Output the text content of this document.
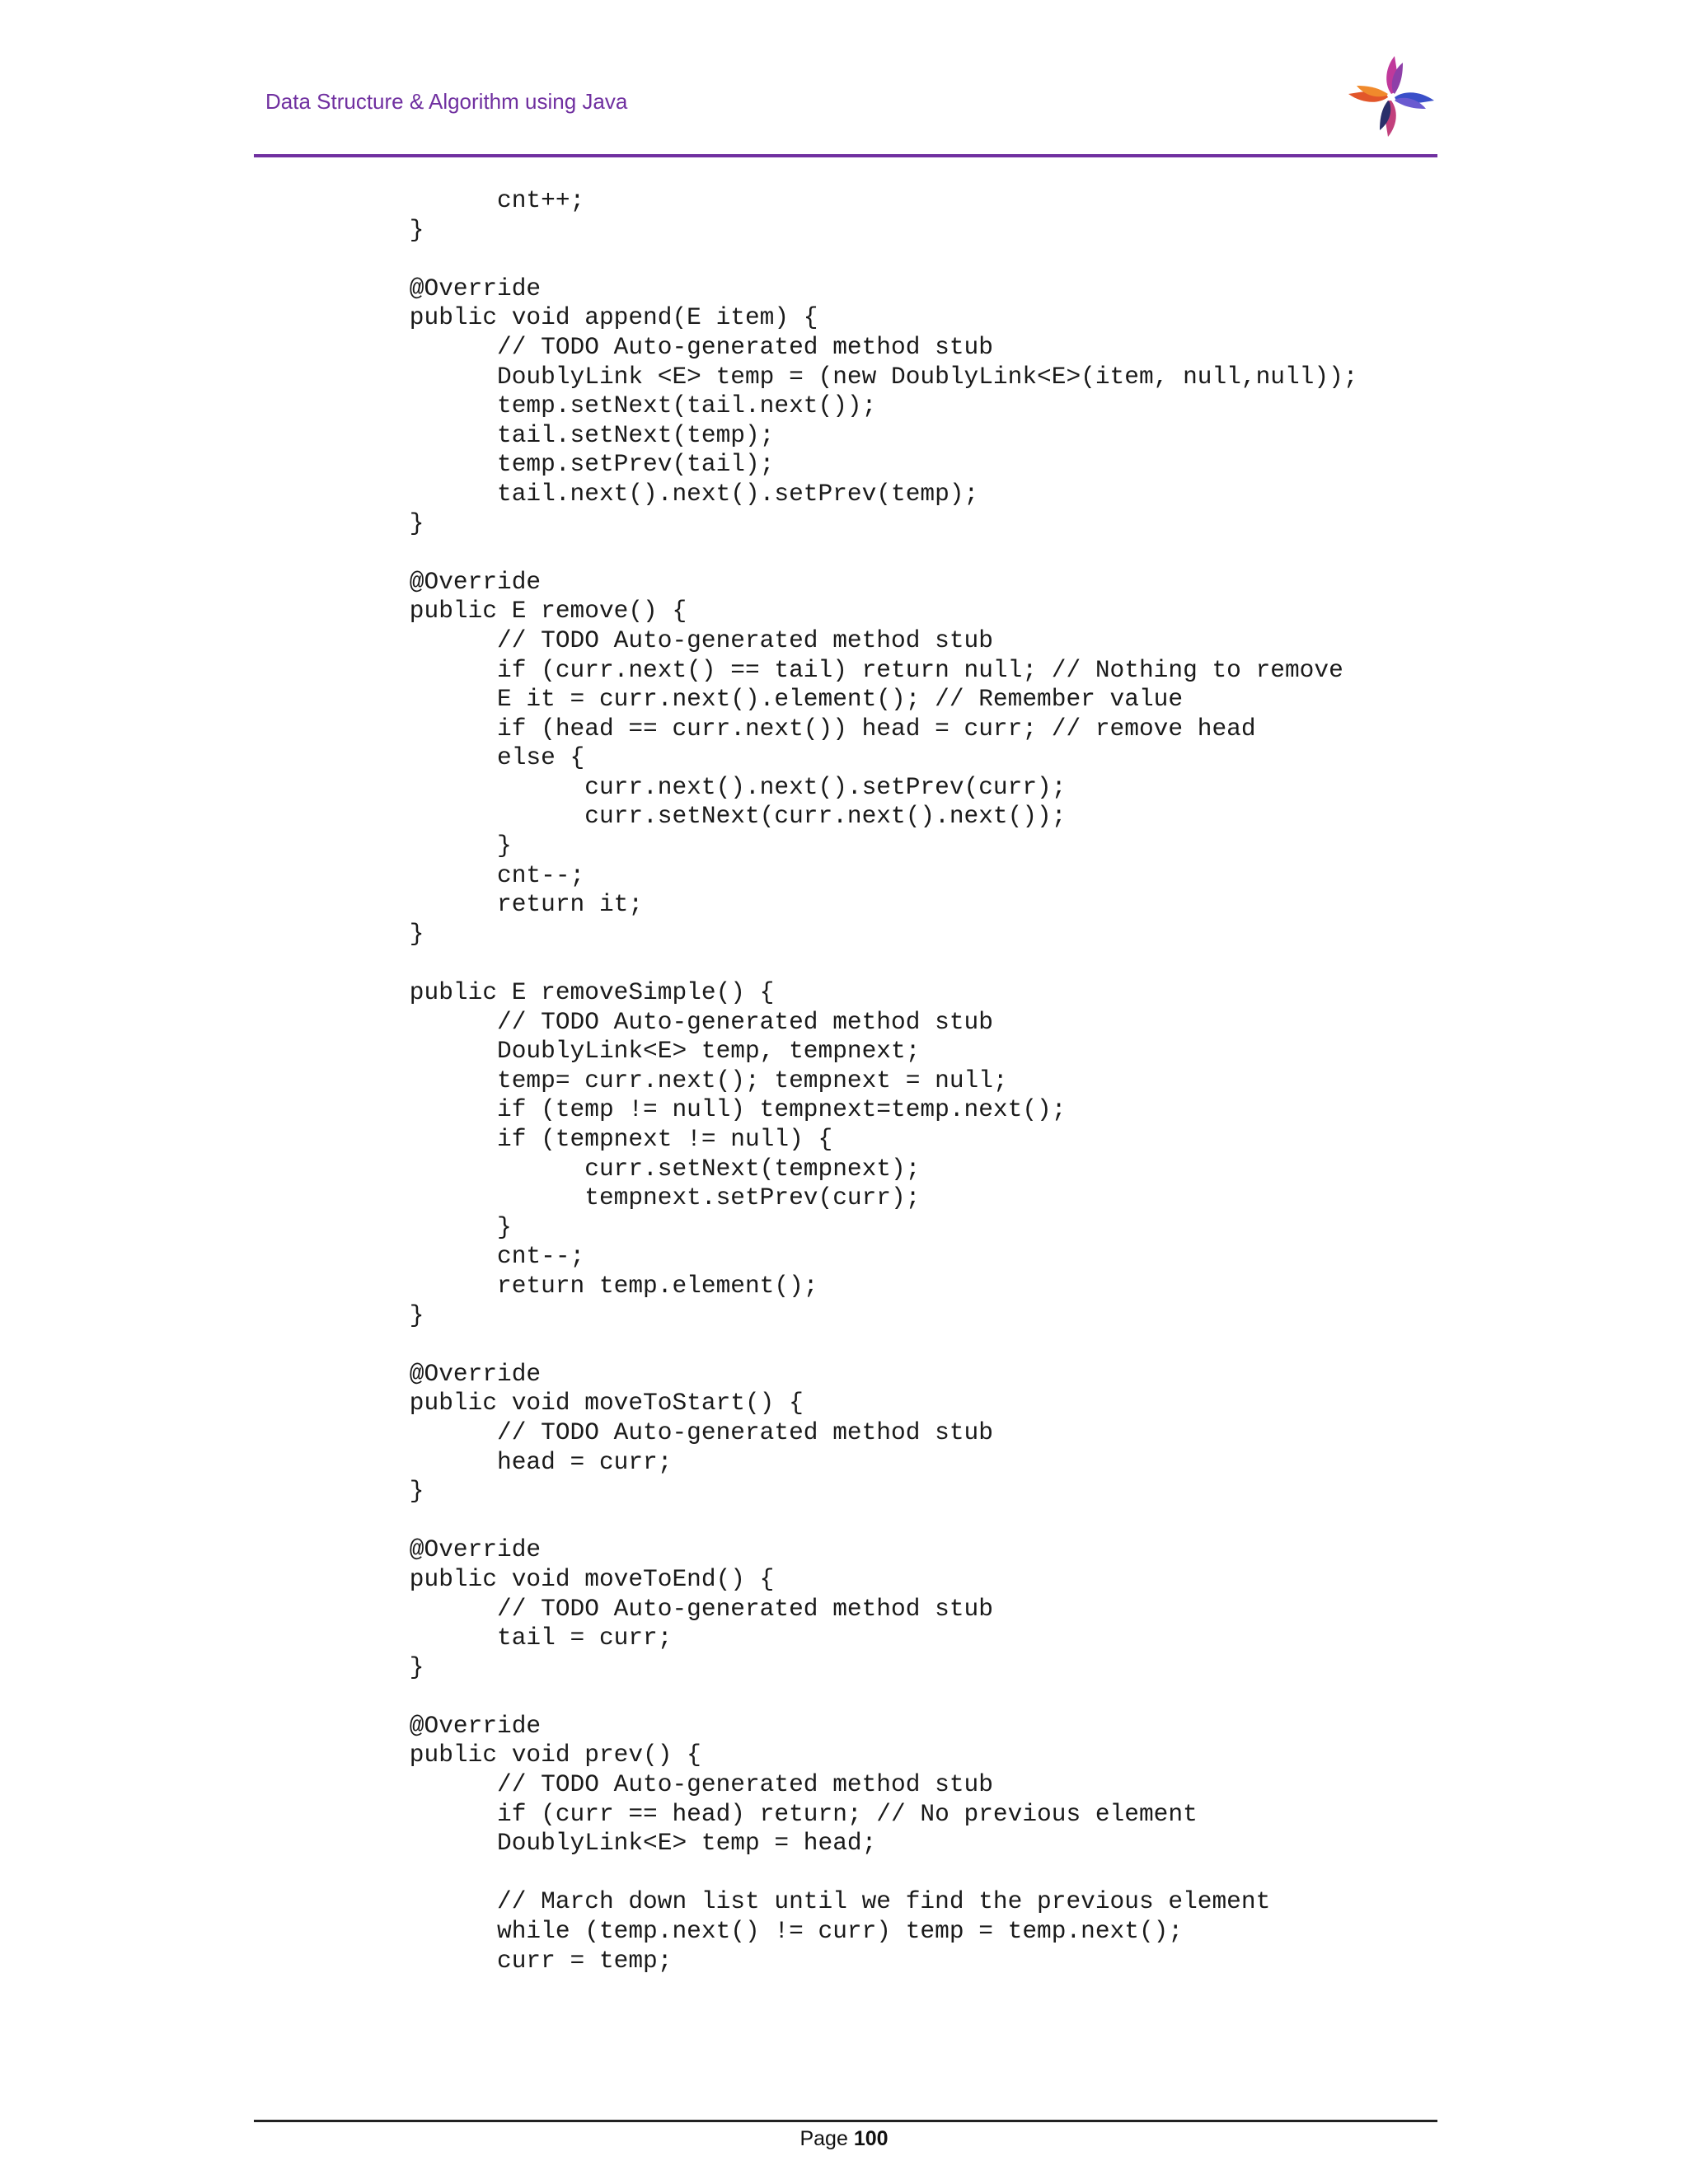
Data Structure & Algorithm using Java
cnt++;
}
@Override
public void append(E item) {
// TODO Auto-generated method stub
DoublyLink <E> temp = (new DoublyLink<E>(item, null,null));
temp.setNext(tail.next());
tail.setNext(temp);
temp.setPrev(tail);
tail.next().next().setPrev(temp);
}
@Override
public E remove() {
// TODO Auto-generated method stub
if (curr.next() == tail) return null; // Nothing to remove
E it = curr.next().element(); // Remember value
if (head == curr.next()) head = curr; // remove head
else {
curr.next().next().setPrev(curr);
curr.setNext(curr.next().next());
}
cnt--;
return it;
}
public E removeSimple() {
// TODO Auto-generated method stub
DoublyLink<E> temp, tempnext;
temp= curr.next(); tempnext = null;
if (temp != null) tempnext=temp.next();
if (tempnext != null) {
curr.setNext(tempnext);
tempnext.setPrev(curr);
}
cnt--;
return temp.element();
}
@Override
public void moveToStart() {
// TODO Auto-generated method stub
head = curr;
}
@Override
public void moveToEnd() {
// TODO Auto-generated method stub
tail = curr;
}
@Override
public void prev() {
// TODO Auto-generated method stub
if (curr == head) return; // No previous element
DoublyLink<E> temp = head;
// March down list until we find the previous element
while (temp.next() != curr) temp = temp.next();
curr = temp;
Page 100
